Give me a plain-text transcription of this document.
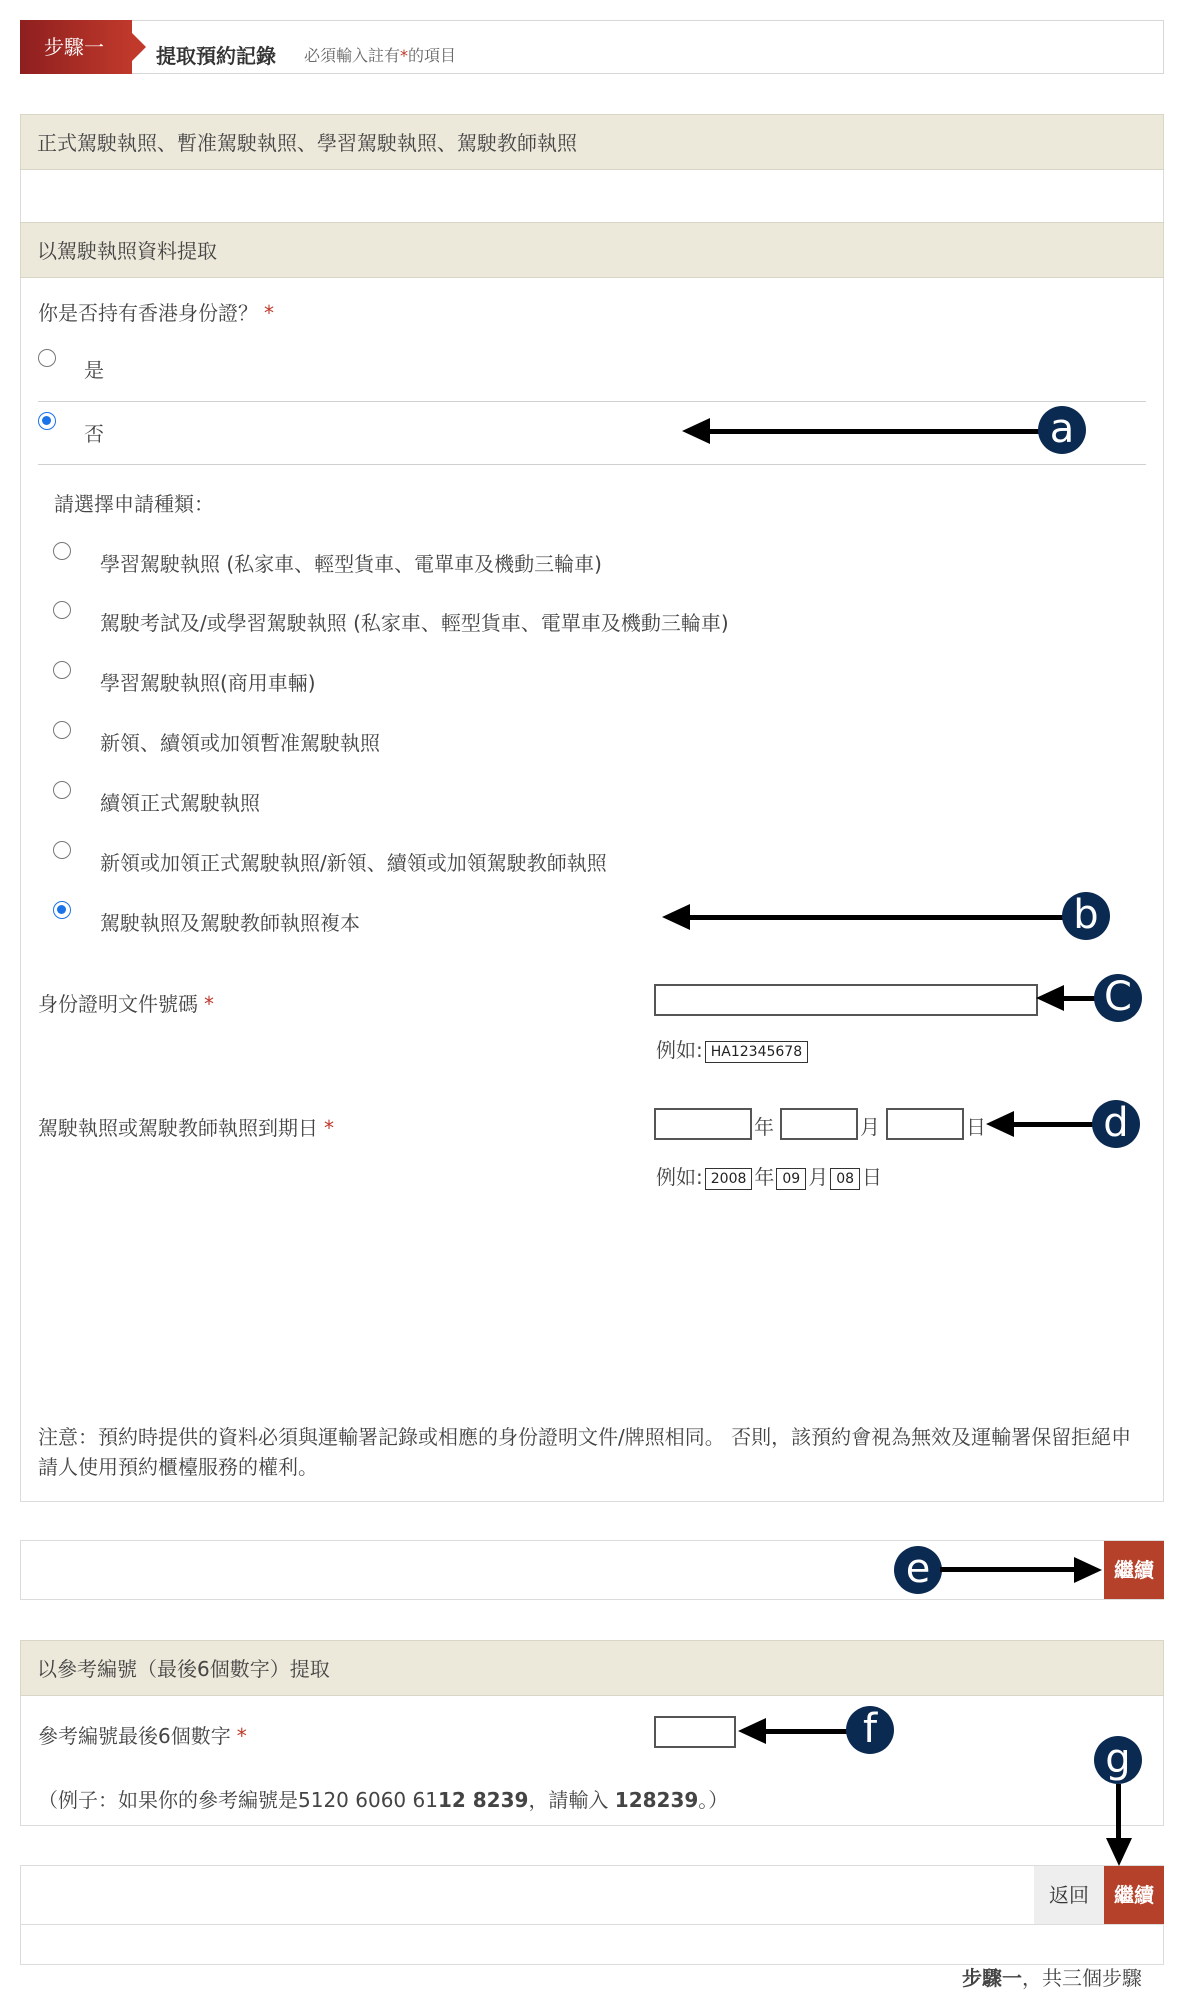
步驟一	提取預約記錄 必須輸入註有*的項目
正式駕駛執照、暫准駕駛執照、學習駕駛執照、駕駛教師執照
以駕駛執照資料提取
你是否持有香港身份證？ *
是
否
請選擇申請種類：
學習駕駛執照 (私家車、輕型貨車、電單車及機動三輪車)
駕駛考試及/或學習駕駛執照 (私家車、輕型貨車、電單車及機動三輪車)
學習駕駛執照(商用車輛)
新領、續領或加領暫准駕駛執照
續領正式駕駛執照
新領或加領正式駕駛執照/新領、續領或加領駕駛教師執照
駕駛執照及駕駛教師執照複本
身份證明文件號碼 *
例如: HA12345678
駕駛執照或駕駛教師執照到期日 *	年	月	日
例如: 2008 年 09 月 08 日
注意：預約時提供的資料必須與運輸署記錄或相應的身份證明文件/牌照相同。 否則，該預約會視為無效及運輸署保留拒絕申請人使用預約櫃檯服務的權利。
繼續
以參考編號（最後6個數字）提取
參考編號最後6個數字 *
（例子：如果你的參考編號是5120 6060 6112 8239，請輸入 128239。）
返回	繼續
步驟一，共三個步驟
a
b
C
d
e
f
g
